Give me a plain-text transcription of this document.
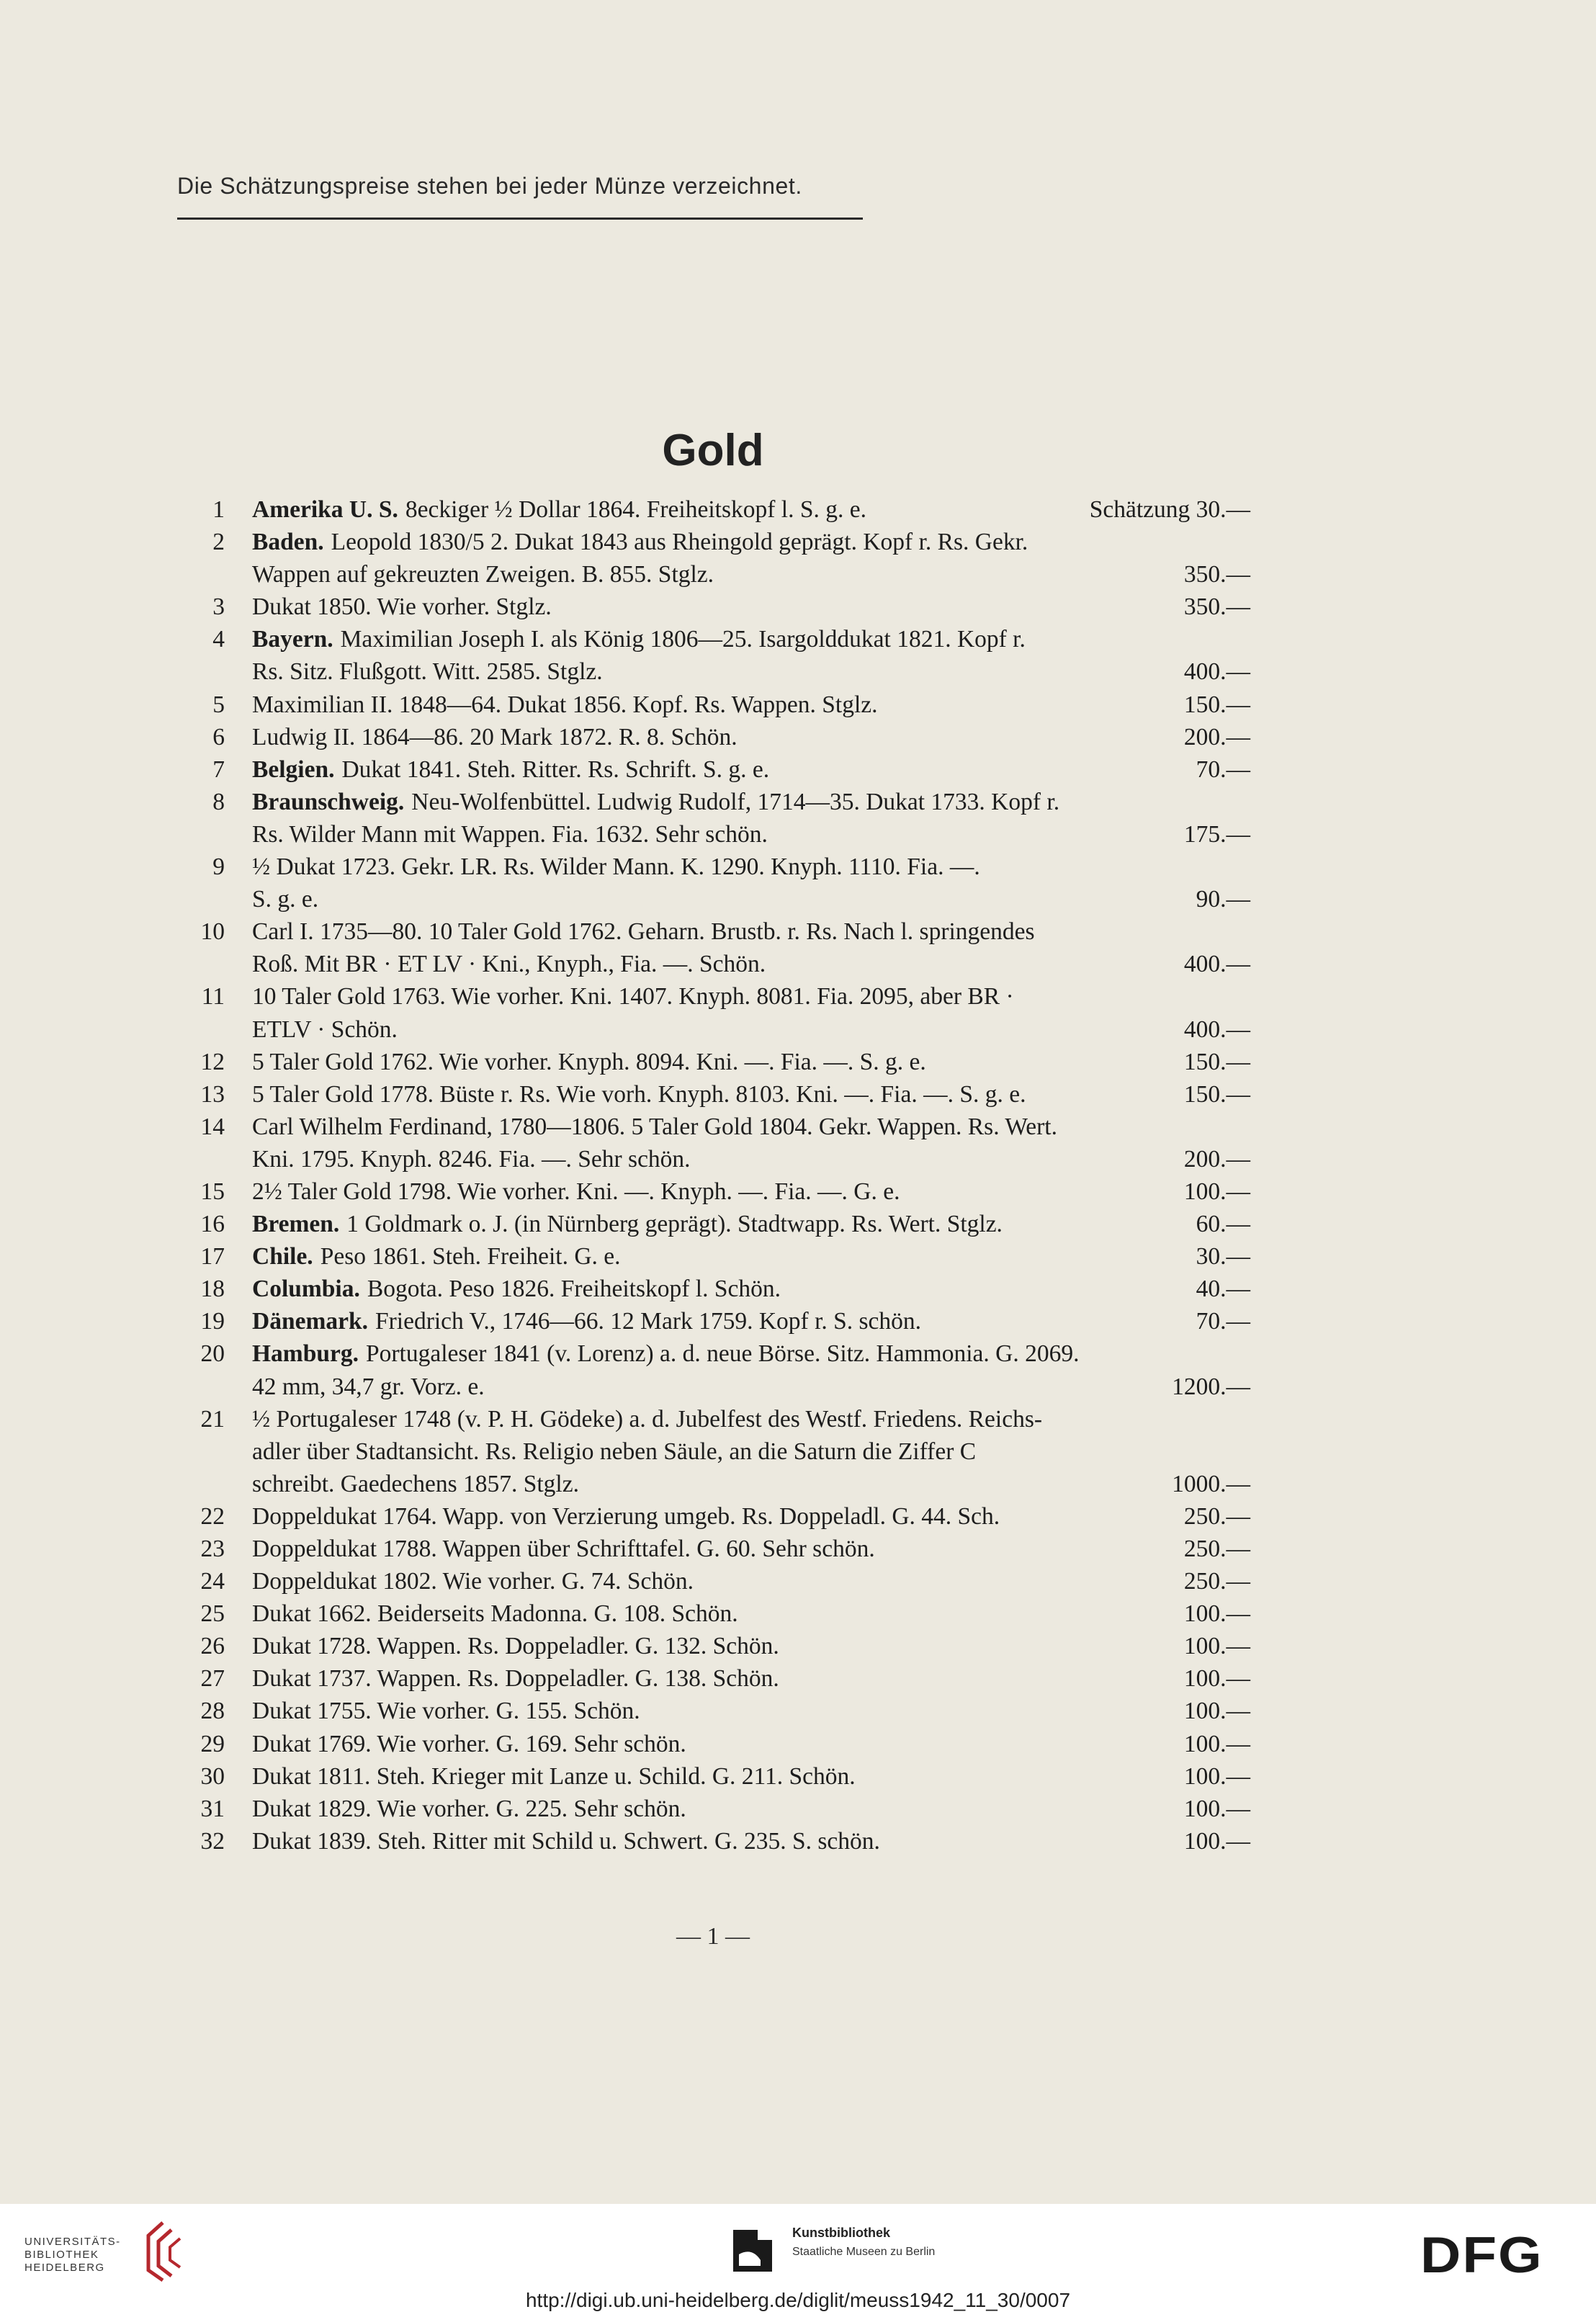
Die Schätzungspreise stehen bei jeder Münze verzeichnet.
Gold
1 Amerika U. S. 8eckiger ½ Dollar 1864. Freiheitskopf l. S. g. e.	Schätzung 30.—
2 Baden. Leopold 1830/5 2. Dukat 1843 aus Rheingold geprägt. Kopf r. Rs. Gekr.
Wappen auf gekreuzten Zweigen. B. 855. Stglz.	350.—
3 Dukat 1850. Wie vorher. Stglz.	350.—
4 Bayern. Maximilian Joseph I. als König 1806—25. Isargolddukat 1821. Kopf r.
Rs. Sitz. Flußgott. Witt. 2585. Stglz.	400.—
5 Maximilian II. 1848—64. Dukat 1856. Kopf. Rs. Wappen. Stglz.	150.—
6 Ludwig II. 1864—86. 20 Mark 1872. R. 8. Schön.	200.—
7 Belgien. Dukat 1841. Steh. Ritter. Rs. Schrift. S. g. e.	70.—
8 Braunschweig. Neu-Wolfenbüttel. Ludwig Rudolf, 1714—35. Dukat 1733. Kopf r.
Rs. Wilder Mann mit Wappen. Fia. 1632. Sehr schön.	175.—
9 ½ Dukat 1723. Gekr. LR. Rs. Wilder Mann. K. 1290. Knyph. 1110. Fia. —.
S. g. e.	90.—
10 Carl I. 1735—80. 10 Taler Gold 1762. Geharn. Brustb. r. Rs. Nach l. springendes
Roß. Mit BR · ET LV · Kni., Knyph., Fia. —. Schön.	400.—
11 10 Taler Gold 1763. Wie vorher. Kni. 1407. Knyph. 8081. Fia. 2095, aber BR ·
ETLV · Schön.	400.—
12 5 Taler Gold 1762. Wie vorher. Knyph. 8094. Kni. —. Fia. —. S. g. e.	150.—
13 5 Taler Gold 1778. Büste r. Rs. Wie vorh. Knyph. 8103. Kni. —. Fia. —. S. g. e.	150.—
14 Carl Wilhelm Ferdinand, 1780—1806. 5 Taler Gold 1804. Gekr. Wappen. Rs. Wert.
Kni. 1795. Knyph. 8246. Fia. —. Sehr schön.	200.—
15 2½ Taler Gold 1798. Wie vorher. Kni. —. Knyph. —. Fia. —. G. e.	100.—
16 Bremen. 1 Goldmark o. J. (in Nürnberg geprägt). Stadtwapp. Rs. Wert. Stglz.	60.—
17 Chile. Peso 1861. Steh. Freiheit. G. e.	30.—
18 Columbia. Bogota. Peso 1826. Freiheitskopf l. Schön.	40.—
19 Dänemark. Friedrich V., 1746—66. 12 Mark 1759. Kopf r. S. schön.	70.—
20 Hamburg. Portugaleser 1841 (v. Lorenz) a. d. neue Börse. Sitz. Hammonia. G. 2069.
42 mm, 34,7 gr. Vorz. e.	1200.—
21 ½ Portugaleser 1748 (v. P. H. Gödeke) a. d. Jubelfest des Westf. Friedens. Reichs-
adler über Stadtansicht. Rs. Religio neben Säule, an die Saturn die Ziffer C
schreibt. Gaedechens 1857. Stglz.	1000.—
22 Doppeldukat 1764. Wapp. von Verzierung umgeb. Rs. Doppeladl. G. 44. Sch.	250.—
23 Doppeldukat 1788. Wappen über Schrifttafel. G. 60. Sehr schön.	250.—
24 Doppeldukat 1802. Wie vorher. G. 74. Schön.	250.—
25 Dukat 1662. Beiderseits Madonna. G. 108. Schön.	100.—
26 Dukat 1728. Wappen. Rs. Doppeladler. G. 132. Schön.	100.—
27 Dukat 1737. Wappen. Rs. Doppeladler. G. 138. Schön.	100.—
28 Dukat 1755. Wie vorher. G. 155. Schön.	100.—
29 Dukat 1769. Wie vorher. G. 169. Sehr schön.	100.—
30 Dukat 1811. Steh. Krieger mit Lanze u. Schild. G. 211. Schön.	100.—
31 Dukat 1829. Wie vorher. G. 225. Sehr schön.	100.—
32 Dukat 1839. Steh. Ritter mit Schild u. Schwert. G. 235. S. schön.	100.—
— 1 —
UNIVERSITÄTS-
BIBLIOTHEK
HEIDELBERG
Kunstbibliothek
Staatliche Museen zu Berlin	DFG
http://digi.ub.uni-heidelberg.de/diglit/meuss1942_11_30/0007
